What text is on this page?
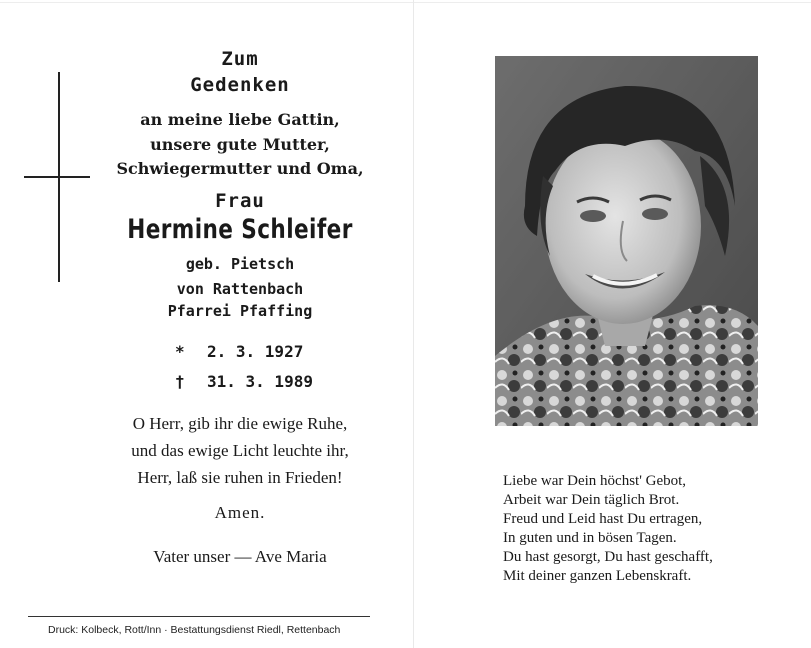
Zum
Gedenken
an meine liebe Gattin,
unsere gute Mutter,
Schwiegermutter und Oma,
Frau
Hermine Schleifer
geb. Pietsch
von Rattenbach
Pfarrei Pfaffing
* 2. 3. 1927
† 31. 3. 1989
O Herr, gib ihr die ewige Ruhe,
und das ewige Licht leuchte ihr,
Herr, laß sie ruhen in Frieden!
Amen.
Vater unser — Ave Maria
Druck: Kolbeck, Rott/Inn · Bestattungsdienst Riedl, Rettenbach
Liebe war Dein höchst' Gebot,
Arbeit war Dein täglich Brot.
Freud und Leid hast Du ertragen,
In guten und in bösen Tagen.
Du hast gesorgt, Du hast geschafft,
Mit deiner ganzen Lebenskraft.
